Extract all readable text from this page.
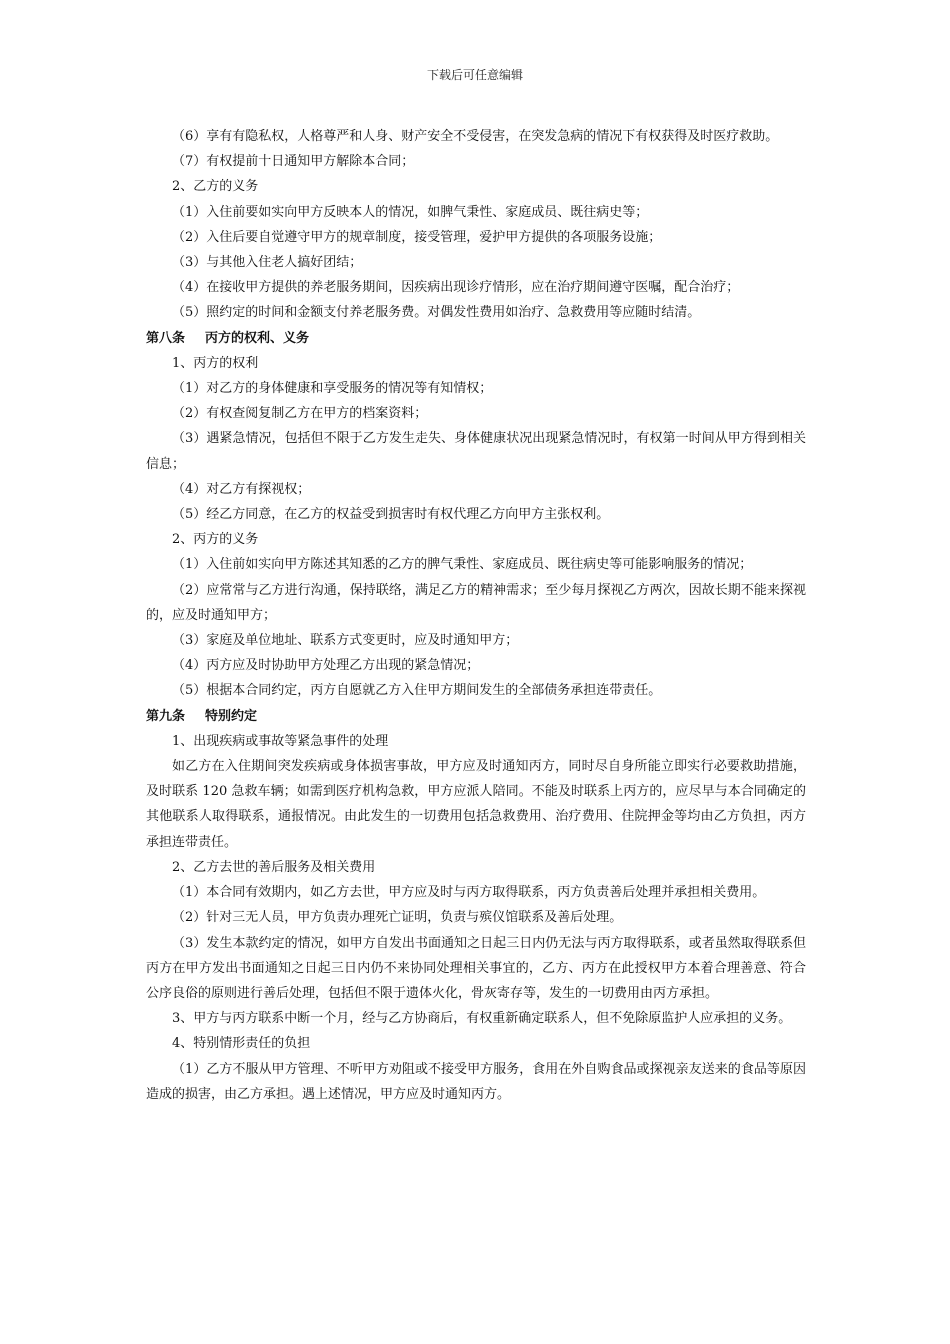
下载后可任意编辑

（6）享有有隐私权，人格尊严和人身、财产安全不受侵害，在突发急病的情况下有权获得及时医疗救助。

（7）有权提前十日通知甲方解除本合同；

2、乙方的义务

（1）入住前要如实向甲方反映本人的情况，如脾气秉性、家庭成员、既往病史等；

（2）入住后要自觉遵守甲方的规章制度，接受管理，爱护甲方提供的各项服务设施；

（3）与其他入住老人搞好团结；

（4）在接收甲方提供的养老服务期间，因疾病出现诊疗情形，应在治疗期间遵守医嘱，配合治疗；

（5）照约定的时间和金额支付养老服务费。对偶发性费用如治疗、急救费用等应随时结清。

第八条 丙方的权利、义务

1、丙方的权利

（1）对乙方的身体健康和享受服务的情况等有知情权；

（2）有权查阅复制乙方在甲方的档案资料；

（3）遇紧急情况，包括但不限于乙方发生走失、身体健康状况出现紧急情况时，有权第一时间从甲方得到相关信息；

（4）对乙方有探视权；

（5）经乙方同意，在乙方的权益受到损害时有权代理乙方向甲方主张权利。

2、丙方的义务

（1）入住前如实向甲方陈述其知悉的乙方的脾气秉性、家庭成员、既往病史等可能影响服务的情况；

（2）应常常与乙方进行沟通，保持联络，满足乙方的精神需求；至少每月探视乙方两次，因故长期不能来探视的，应及时通知甲方；

（3）家庭及单位地址、联系方式变更时，应及时通知甲方；

（4）丙方应及时协助甲方处理乙方出现的紧急情况；

（5）根据本合同约定，丙方自愿就乙方入住甲方期间发生的全部债务承担连带责任。

第九条 特别约定

1、出现疾病或事故等紧急事件的处理

如乙方在入住期间突发疾病或身体损害事故，甲方应及时通知丙方，同时尽自身所能立即实行必要救助措施，及时联系 120 急救车辆；如需到医疗机构急救，甲方应派人陪同。不能及时联系上丙方的，应尽早与本合同确定的其他联系人取得联系，通报情况。由此发生的一切费用包括急救费用、治疗费用、住院押金等均由乙方负担，丙方承担连带责任。

2、乙方去世的善后服务及相关费用

（1）本合同有效期内，如乙方去世，甲方应及时与丙方取得联系，丙方负责善后处理并承担相关费用。

（2）针对三无人员，甲方负责办理死亡证明，负责与殡仪馆联系及善后处理。

（3）发生本款约定的情况，如甲方自发出书面通知之日起三日内仍无法与丙方取得联系，或者虽然取得联系但丙方在甲方发出书面通知之日起三日内仍不来协同处理相关事宜的，乙方、丙方在此授权甲方本着合理善意、符合公序良俗的原则进行善后处理，包括但不限于遗体火化，骨灰寄存等，发生的一切费用由丙方承担。

3、甲方与丙方联系中断一个月，经与乙方协商后，有权重新确定联系人，但不免除原监护人应承担的义务。

4、特别情形责任的负担

（1）乙方不服从甲方管理、不听甲方劝阻或不接受甲方服务，食用在外自购食品或探视亲友送来的食品等原因造成的损害，由乙方承担。遇上述情况，甲方应及时通知丙方。
